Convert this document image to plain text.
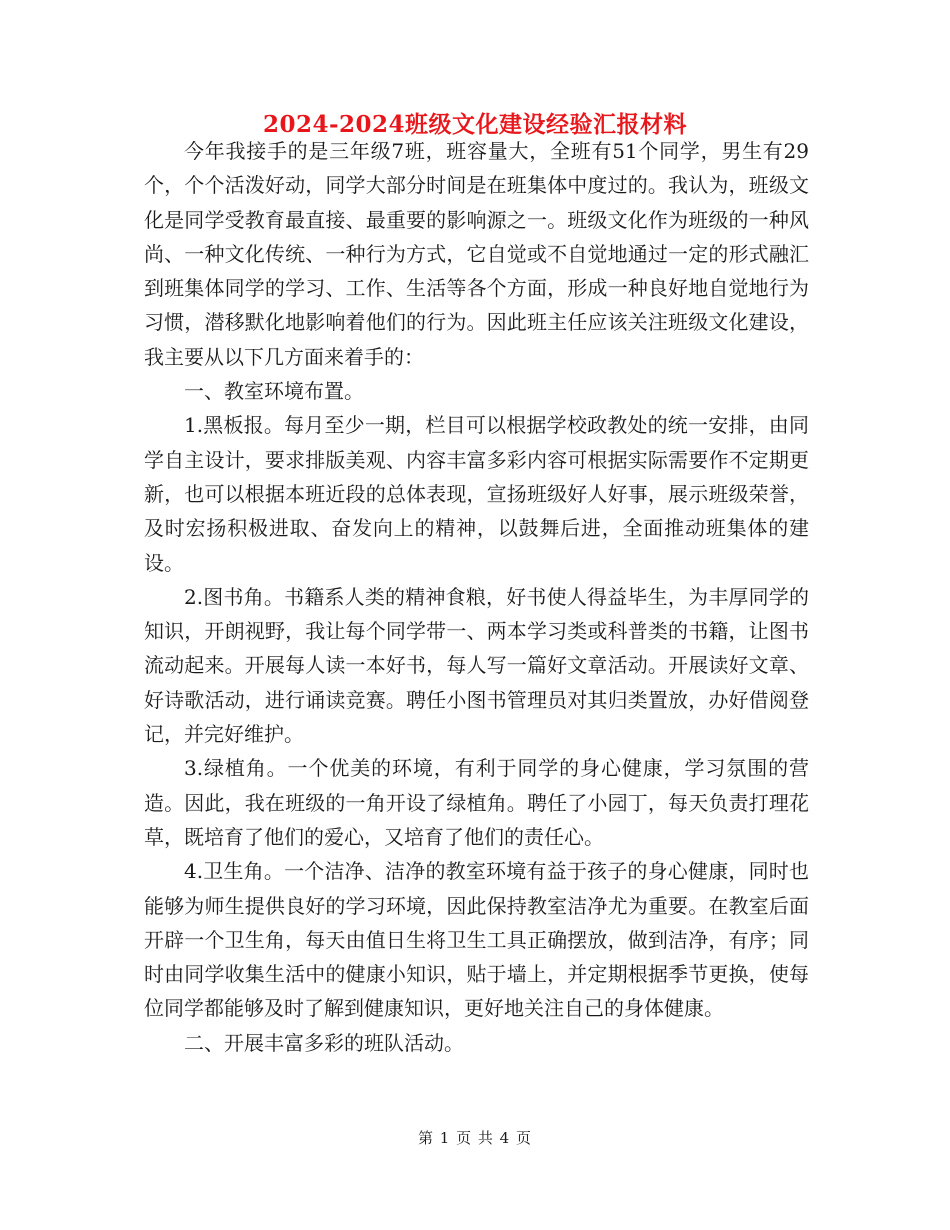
2024-2024班级文化建设经验汇报材料

今年我接手的是三年级7班，班容量大，全班有51个同学，男生有29个，个个活泼好动，同学大部分时间是在班集体中度过的。我认为，班级文化是同学受教育最直接、最重要的影响源之一。班级文化作为班级的一种风尚、一种文化传统、一种行为方式，它自觉或不自觉地通过一定的形式融汇到班集体同学的学习、工作、生活等各个方面，形成一种良好地自觉地行为习惯，潜移默化地影响着他们的行为。因此班主任应该关注班级文化建设，我主要从以下几方面来着手的：

一、教室环境布置。

1.黑板报。每月至少一期，栏目可以根据学校政教处的统一安排，由同学自主设计，要求排版美观、内容丰富多彩内容可根据实际需要作不定期更新，也可以根据本班近段的总体表现，宣扬班级好人好事，展示班级荣誉，及时宏扬积极进取、奋发向上的精神，以鼓舞后进，全面推动班集体的建设。

2.图书角。书籍系人类的精神食粮，好书使人得益毕生，为丰厚同学的知识，开朗视野，我让每个同学带一、两本学习类或科普类的书籍，让图书流动起来。开展每人读一本好书，每人写一篇好文章活动。开展读好文章、好诗歌活动，进行诵读竞赛。聘任小图书管理员对其归类置放，办好借阅登记，并完好维护。

3.绿植角。一个优美的环境，有利于同学的身心健康，学习氛围的营造。因此，我在班级的一角开设了绿植角。聘任了小园丁，每天负责打理花草，既培育了他们的爱心，又培育了他们的责任心。

4.卫生角。一个洁净、洁净的教室环境有益于孩子的身心健康，同时也能够为师生提供良好的学习环境，因此保持教室洁净尤为重要。在教室后面开辟一个卫生角，每天由值日生将卫生工具正确摆放，做到洁净，有序；同时由同学收集生活中的健康小知识，贴于墙上，并定期根据季节更换，使每位同学都能够及时了解到健康知识，更好地关注自己的身体健康。

二、开展丰富多彩的班队活动。

第 1 页 共 4 页
